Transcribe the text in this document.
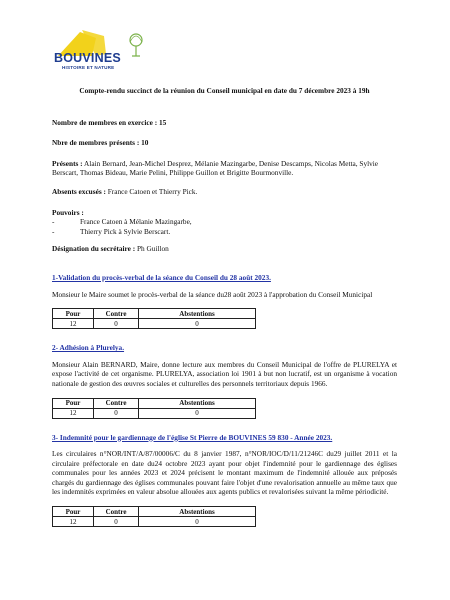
BOUVINES
HISTOIRE ET NATURE

Compte-rendu succinct de la réunion du Conseil municipal en date du 7 décembre 2023 à 19h

Nombre de membres en exercice : 15

Nbre de membres présents : 10

Présents : Alain Bernard, Jean-Michel Desprez, Mélanie Mazingarbe, Denise Descamps, Nicolas Metta, Sylvie Berscart, Thomas Bideau, Marie Pelini, Philippe Guillon et Brigitte Bourmonville.

Absents excusés : France Catoen et Thierry Pick.

Pouvoirs :

-	France Catoen à Mélanie Mazingarbe,
-	Thierry Pick à Sylvie Berscart.

Désignation du secrétaire : Ph Guillon

1-Validation du procès-verbal de la séance du Conseil du 28 août 2023.

Monsieur le Maire soumet le procès-verbal de la séance du28 août 2023 à l'approbation du Conseil Municipal

Pour	Contre	Abstentions
12	0	0

2- Adhésion à Plurelya.

Monsieur Alain BERNARD, Maire, donne lecture aux membres du Conseil Municipal de l'offre de PLURELYA et expose l'activité de cet organisme. PLURELYA, association loi 1901 à but non lucratif, est un organisme à vocation nationale de gestion des œuvres sociales et culturelles des personnels territoriaux depuis 1966.

Pour	Contre	Abstentions
12	0	0

3- Indemnité pour le gardiennage de l'église St Pierre de BOUVINES 59 830 - Année 2023.

Les circulaires n°NOR/INT/A/87/00006/C du 8 janvier 1987, n°NOR/IOC/D/11/21246C du29 juillet 2011 et la circulaire préfectorale en date du24 octobre 2023 ayant pour objet l'indemnité pour le gardiennage des églises communales pour les années 2023 et 2024 précisent le montant maximum de l'indemnité allouée aux préposés chargés du gardiennage des églises communales pouvant faire l'objet d'une revalorisation annuelle au même taux que les indemnités exprimées en valeur absolue allouées aux agents publics et revalorisées suivant la même périodicité.

Pour	Contre	Abstentions
12	0	0
